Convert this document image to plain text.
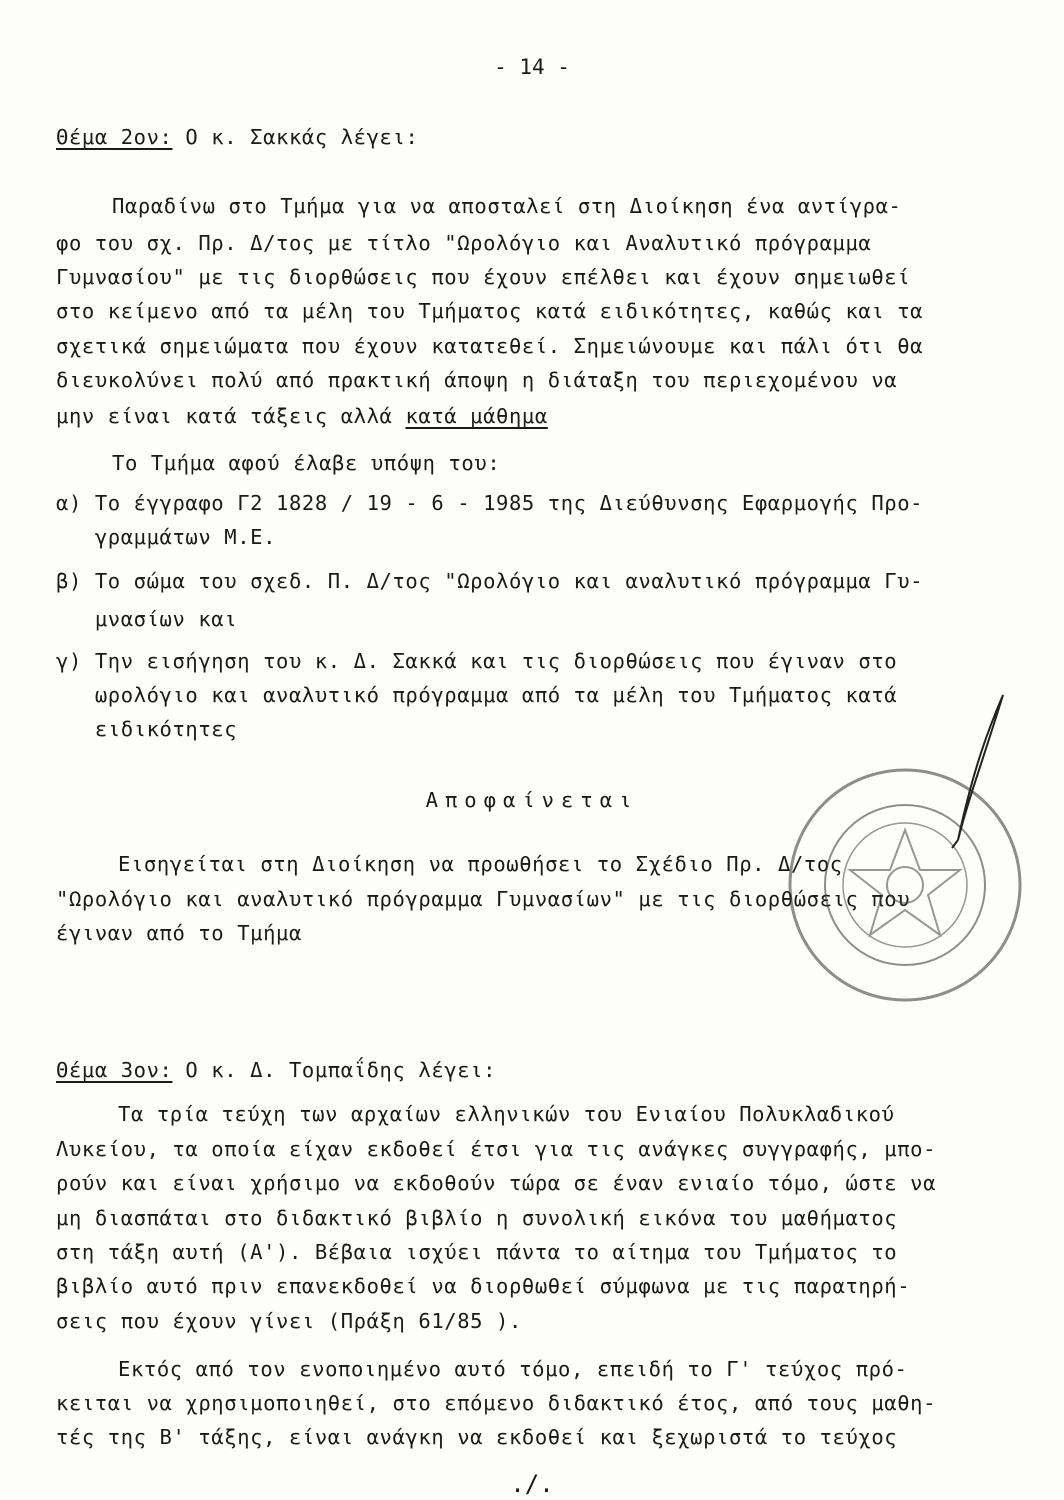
- 14 -
Θέμα 2ον: Ο κ. Σακκάς λέγει:
Παραδίνω στο Τμήμα για να αποσταλεί στη Διοίκηση ένα αντίγρα-
φο του σχ. Πρ. Δ/τος με τίτλο "Ωρολόγιο και Αναλυτικό πρόγραμμα
Γυμνασίου" με τις διορθώσεις που έχουν επέλθει και έχουν σημειωθεί
στο κείμενο από τα μέλη του Τμήματος κατά ειδικότητες, καθώς και τα
σχετικά σημειώματα που έχουν κατατεθεί. Σημειώνουμε και πάλι ότι θα
διευκολύνει πολύ από πρακτική άποψη η διάταξη του περιεχομένου να
μην είναι κατά τάξεις αλλά κατά μάθημα
Το Τμήμα αφού έλαβε υπόψη του:
α) Το έγγραφο Γ2 1828 / 19 - 6 - 1985 της Διεύθυνσης Εφαρμογής Προ-
γραμμάτων Μ.Ε.
β) Το σώμα του σχεδ. Π. Δ/τος "Ωρολόγιο και αναλυτικό πρόγραμμα Γυ-
μνασίων και
γ) Την εισήγηση του κ. Δ. Σακκά και τις διορθώσεις που έγιναν στο
ωρολόγιο και αναλυτικό πρόγραμμα από τα μέλη του Τμήματος κατά
ειδικότητες
Αποφαίνεται
Εισηγείται στη Διοίκηση να προωθήσει το Σχέδιο Πρ. Δ/τος
"Ωρολόγιο και αναλυτικό πρόγραμμα Γυμνασίων" με τις διορθώσεις που
έγιναν από το Τμήμα
Θέμα 3ον: Ο κ. Δ. Τομπαΐδης λέγει:
Τα τρία τεύχη των αρχαίων ελληνικών του Ενιαίου Πολυκλαδικού
Λυκείου, τα οποία είχαν εκδοθεί έτσι για τις ανάγκες συγγραφής, μπο-
ρούν και είναι χρήσιμο να εκδοθούν τώρα σε έναν ενιαίο τόμο, ώστε να
μη διασπάται στο διδακτικό βιβλίο η συνολική εικόνα του μαθήματος
στη τάξη αυτή (Α'). Βέβαια ισχύει πάντα το αίτημα του Τμήματος το
βιβλίο αυτό πριν επανεκδοθεί να διορθωθεί σύμφωνα με τις παρατηρή-
σεις που έχουν γίνει (Πράξη 61/85 ).
Εκτός από τον ενοποιημένο αυτό τόμο, επειδή το Γ' τεύχος πρό-
κειται να χρησιμοποιηθεί, στο επόμενο διδακτικό έτος, από τους μαθη-
τές της Β' τάξης, είναι ανάγκη να εκδοθεί και ξεχωριστά το τεύχος
./.
